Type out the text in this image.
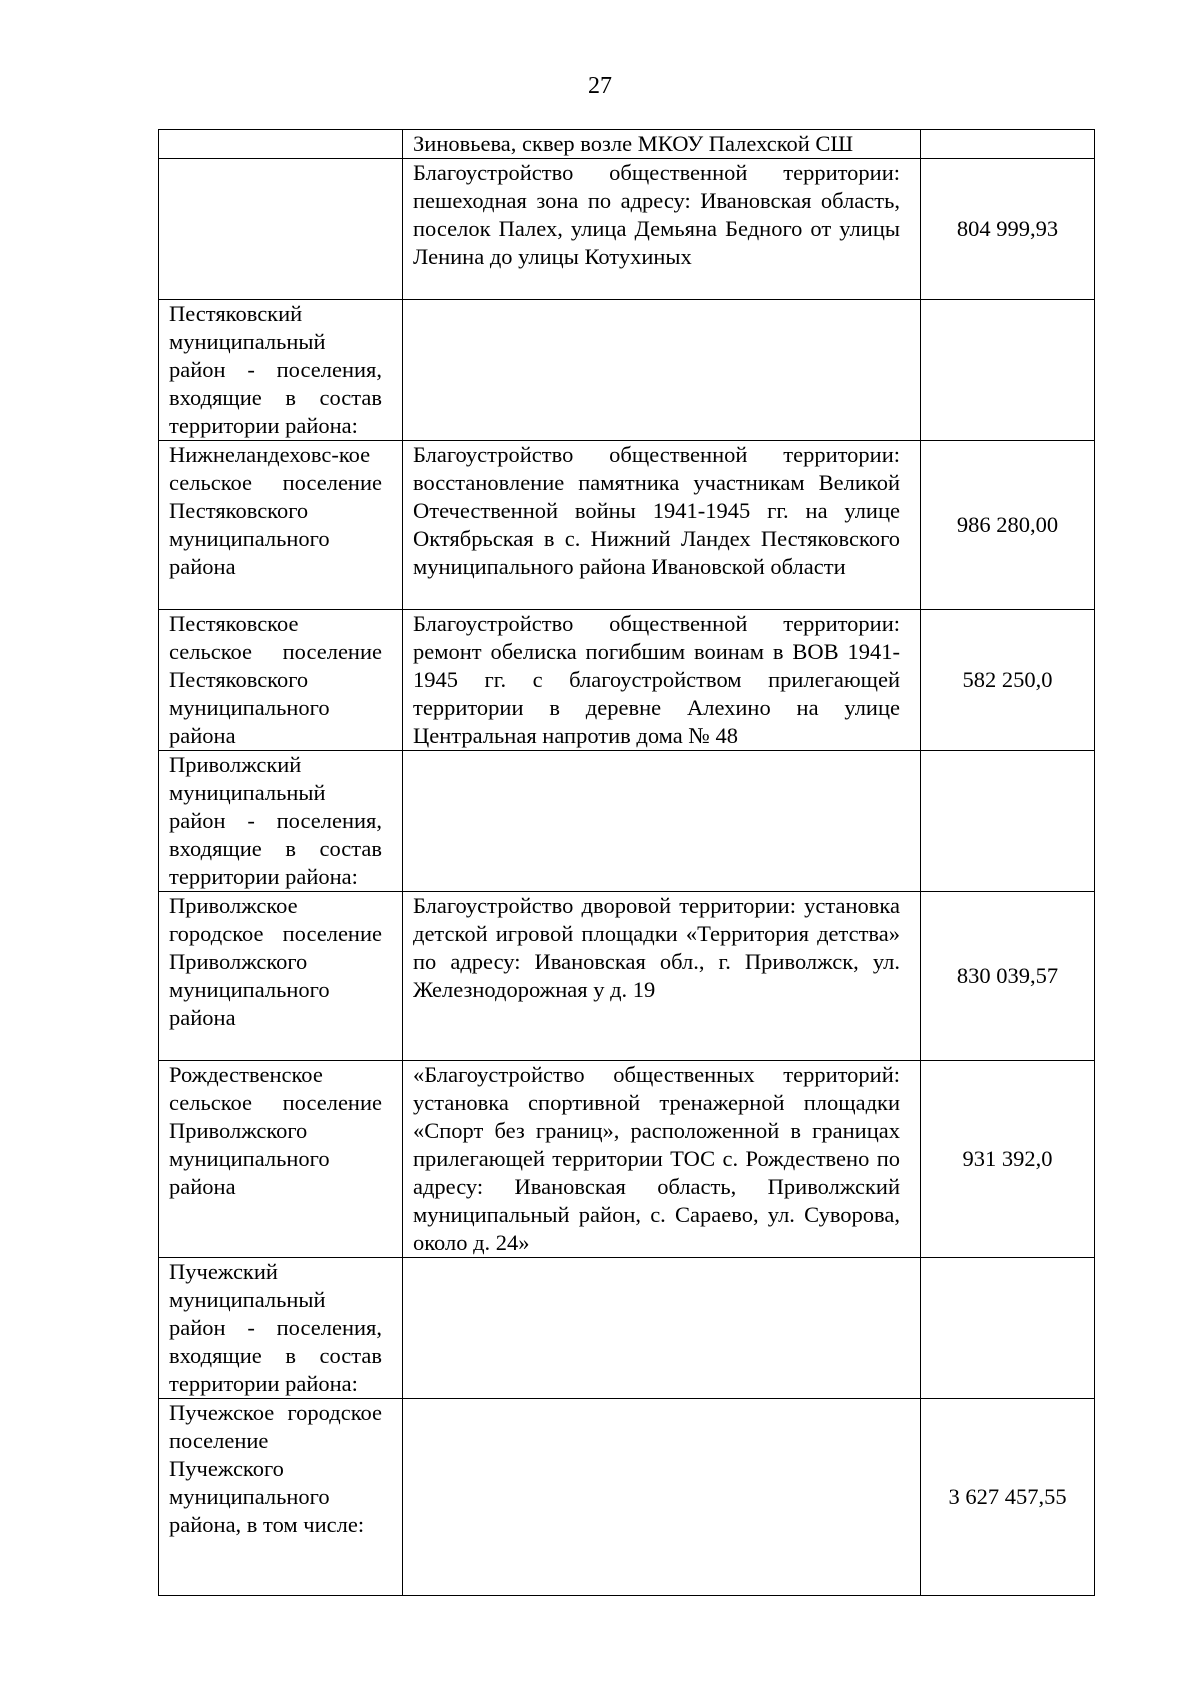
27
	Зиновьева, сквер возле МКОУ Палехской СШ	
	Благоустройство общественной территории: пешеходная зона по адресу: Ивановская область, поселок Палех, улица Демьяна Бедного от улицы Ленина до улицы Котухиных	804 999,93
Пестяковский муниципальный район - поселения, входящие в состав территории района:		
Нижнеландеховс-кое сельское поселение Пестяковского муниципального района	Благоустройство общественной территории: восстановление памятника участникам Великой Отечественной войны 1941-1945 гг. на улице Октябрьская в с. Нижний Ландех Пестяковского муниципального района Ивановской области	986 280,00
Пестяковское сельское поселение Пестяковского муниципального района	Благоустройство общественной территории: ремонт обелиска погибшим воинам в ВОВ 1941-1945 гг. с благоустройством прилегающей территории в деревне Алехино на улице Центральная напротив дома № 48	582 250,0
Приволжский муниципальный район - поселения, входящие в состав территории района:		
Приволжское городское поселение Приволжского муниципального района	Благоустройство дворовой территории: установка детской игровой площадки «Территория детства» по адресу: Ивановская обл., г. Приволжск, ул. Железнодорожная у д. 19	830 039,57
Рождественское сельское поселение Приволжского муниципального района	«Благоустройство общественных территорий: установка спортивной тренажерной площадки «Спорт без границ», расположенной в границах прилегающей территории ТОС с. Рождествено по адресу: Ивановская область, Приволжский муниципальный район, с. Сараево, ул. Суворова, около д. 24»	931 392,0
Пучежский муниципальный район - поселения, входящие в состав территории района:		
Пучежское городское поселение Пучежского муниципального района, в том числе:		3 627 457,55
